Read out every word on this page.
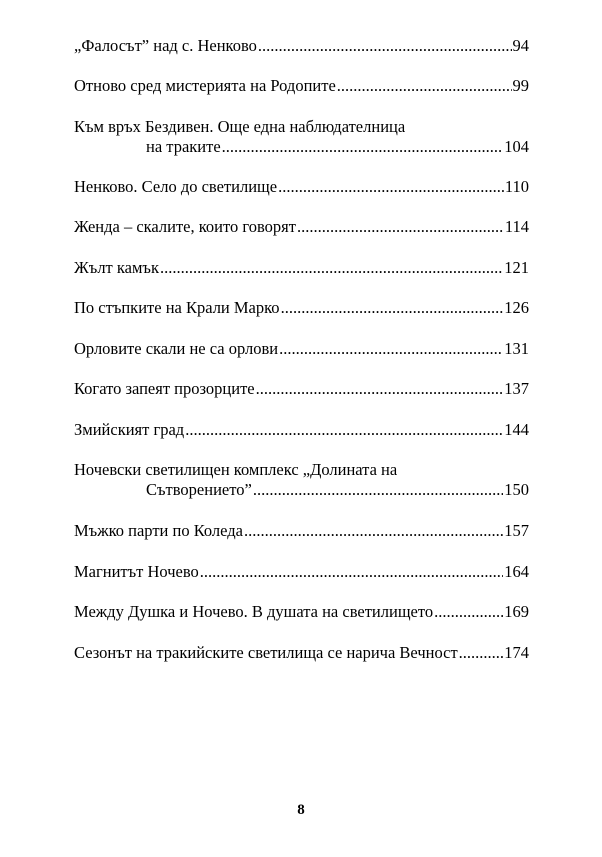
„Фалосът” над с. Ненково .....	94
Отново сред мистерията на Родопите .....	99
Към връх Бездивен. Още една наблюдателница
на траките .....	104
Ненково. Село до светилище .....	110
Женда – скалите, които говорят .....	114
Жълт камък .....	121
По стъпките на Крали Марко .....	126
Орловите скали не са орлови .....	131
Когато запеят прозорците .....	137
Змийският град .....	144
Ночевски светилищен комплекс „Долината на
Сътворението” .....	150
Мъжко парти по Коледа .....	157
Магнитът Ночево .....	164
Между Душка и Ночево. В душата на светилището .....	169
Сезонът на тракийските светилища се нарича Вечност .....	174
8
